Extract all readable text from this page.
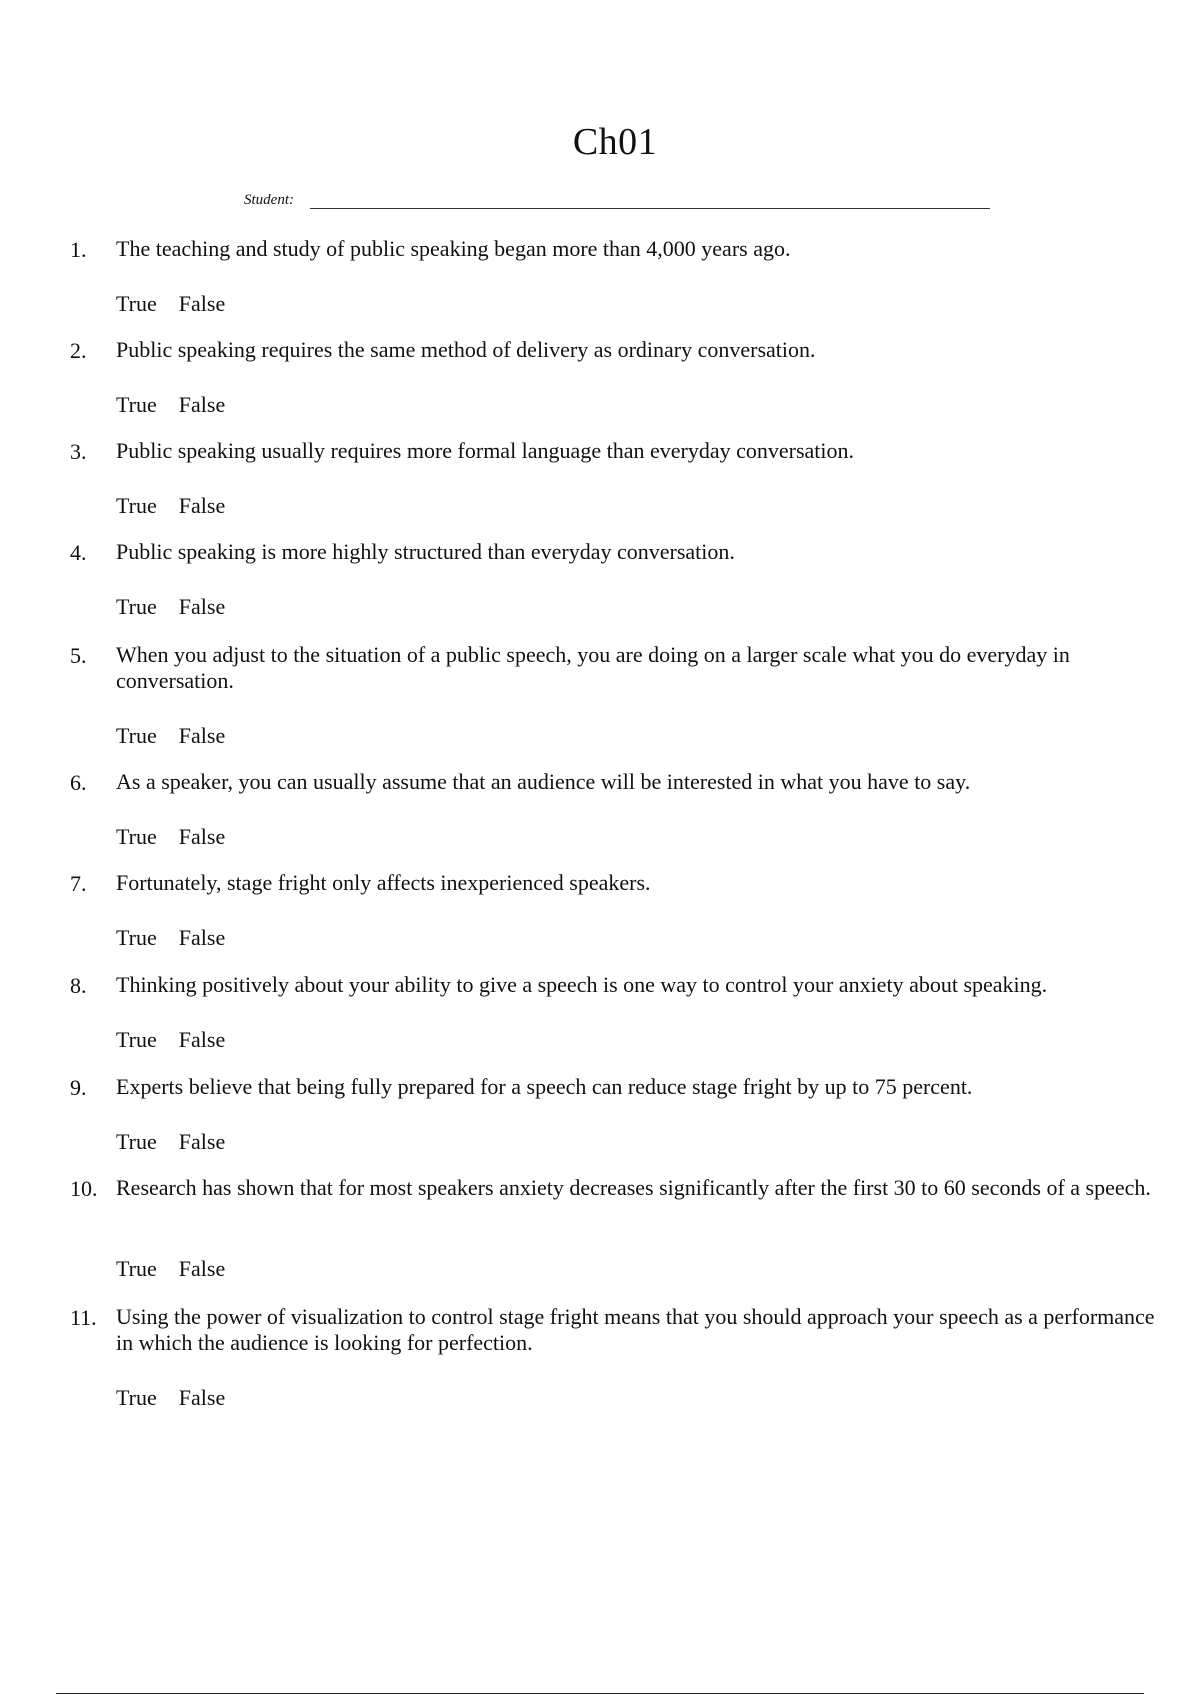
Ch01
Student:
1.	The teaching and study of public speaking began more than 4,000 years ago.
True False
2.	Public speaking requires the same method of delivery as ordinary conversation.
True False
3.	Public speaking usually requires more formal language than everyday conversation.
True False
4.	Public speaking is more highly structured than everyday conversation.
True False
5.	When you adjust to the situation of a public speech, you are doing on a larger scale what you do everyday in conversation.
True False
6.	As a speaker, you can usually assume that an audience will be interested in what you have to say.
True False
7.	Fortunately, stage fright only affects inexperienced speakers.
True False
8.	Thinking positively about your ability to give a speech is one way to control your anxiety about speaking.
True False
9.	Experts believe that being fully prepared for a speech can reduce stage fright by up to 75 percent.
True False
10. Research has shown that for most speakers anxiety decreases significantly after the first 30 to 60 seconds of a speech.
True False
11. Using the power of visualization to control stage fright means that you should approach your speech as a performance in which the audience is looking for perfection.
True False
